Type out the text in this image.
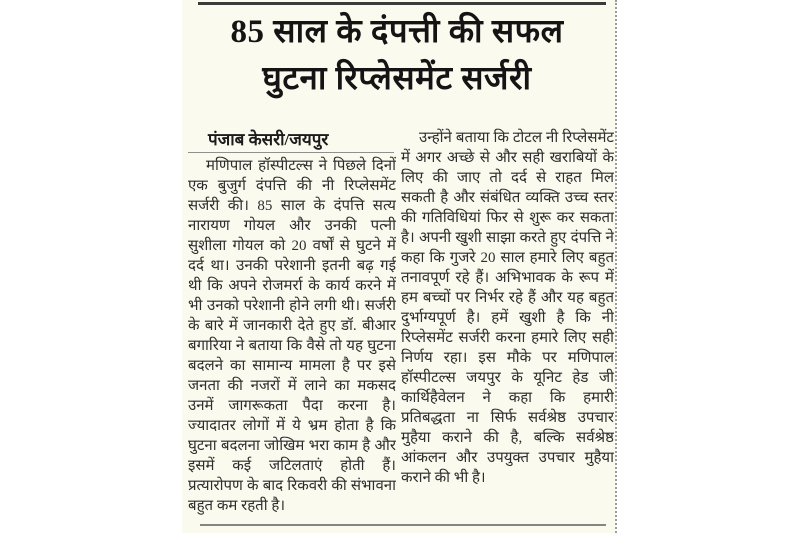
85 साल के दंपत्ती की सफल
घुटना रिप्लेसमेंट सर्जरी
पंजाब केसरी/जयपुर
मणिपाल हॉस्पीटल्स ने पिछले दिनों एक बुजुर्ग दंपत्ति की नी रिप्लेसमेंट सर्जरी की। 85 साल के दंपत्ति सत्य नारायण गोयल और उनकी पत्नी सुशीला गोयल को 20 वर्षों से घुटने में दर्द था। उनकी परेशानी इतनी बढ़ गई थी कि अपने रोजमर्रा के कार्य करने में भी उनको परेशानी होने लगी थी। सर्जरी के बारे में जानकारी देते हुए डॉ. बीआर बगारिया ने बताया कि वैसे तो यह घुटना बदलने का सामान्य मामला है पर इसे जनता की नजरों में लाने का मकसद उनमें जागरूकता पैदा करना है। ज्यादातर लोगों में ये भ्रम होता है कि घुटना बदलना जोखिम भरा काम है और इसमें कई जटिलताएं होती हैं। प्रत्यारोपण के बाद रिकवरी की संभावना बहुत कम रहती है।
उन्होंने बताया कि टोटल नी रिप्लेसमेंट में अगर अच्छे से और सही खराबियों के लिए की जाए तो दर्द से राहत मिल सकती है और संबंधित व्यक्ति उच्च स्तर की गतिविधियां फिर से शुरू कर सकता है। अपनी खुशी साझा करते हुए दंपत्ति ने कहा कि गुजरे 20 साल हमारे लिए बहुत तनावपूर्ण रहे हैं। अभिभावक के रूप में हम बच्चों पर निर्भर रहे हैं और यह बहुत दुर्भाग्यपूर्ण है। हमें खुशी है कि नी रिप्लेसमेंट सर्जरी करना हमारे लिए सही निर्णय रहा। इस मौके पर मणिपाल हॉस्पीटल्स जयपुर के यूनिट हेड जी कार्थिहैवेलन ने कहा कि हमारी प्रतिबद्धता ना सिर्फ सर्वश्रेष्ठ उपचार मुहैया कराने की है, बल्कि सर्वश्रेष्ठ आंकलन और उपयुक्त उपचार मुहैया कराने की भी है।
